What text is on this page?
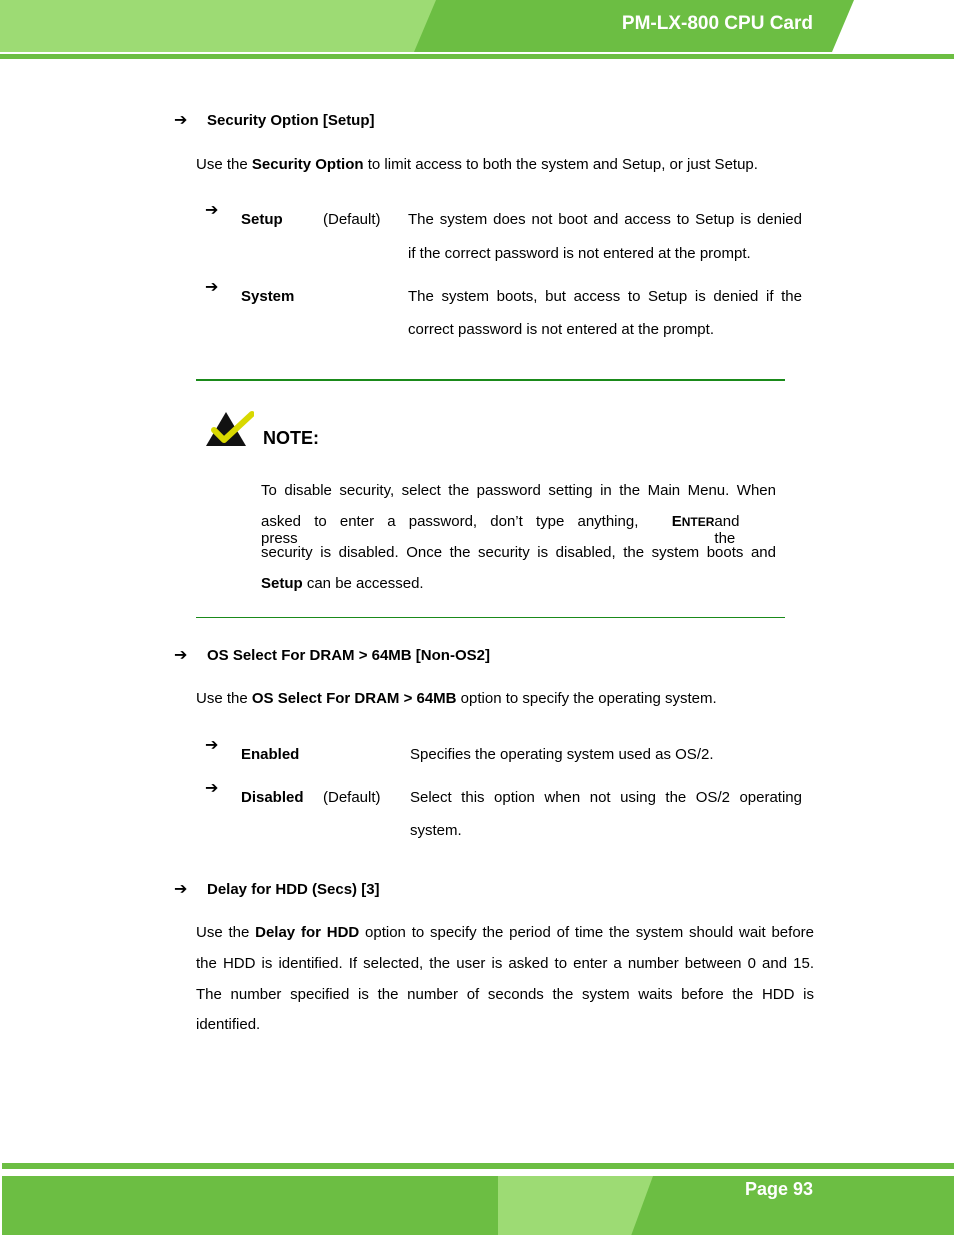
PM-LX-800 CPU Card
➔ Security Option [Setup]
Use the Security Option to limit access to both the system and Setup, or just Setup.
➔
Setup	(Default) The system does not boot and access to Setup is denied
if the correct password is not entered at the prompt.
➔
System	The system boots, but access to Setup is denied if the
correct password is not entered at the prompt.
NOTE:
To disable security, select the password setting in the Main Menu. When
asked to enter a password, don’t type anything, press
ENTER and the
security is disabled. Once the security is disabled, the system boots and
Setup can be accessed.
➔ OS Select For DRAM > 64MB [Non-OS2]
Use the OS Select For DRAM > 64MB option to specify the operating system.
➔
Enabled	Specifies the operating system used as OS/2.
➔
Disabled (Default) Select this option when not using the OS/2 operating
system.
➔ Delay for HDD (Secs) [3]
Use the Delay for HDD option to specify the period of time the system should wait before
the HDD is identified. If selected, the user is asked to enter a number between 0 and 15.
The number specified is the number of seconds the system waits before the HDD is
identified.
Page 93
